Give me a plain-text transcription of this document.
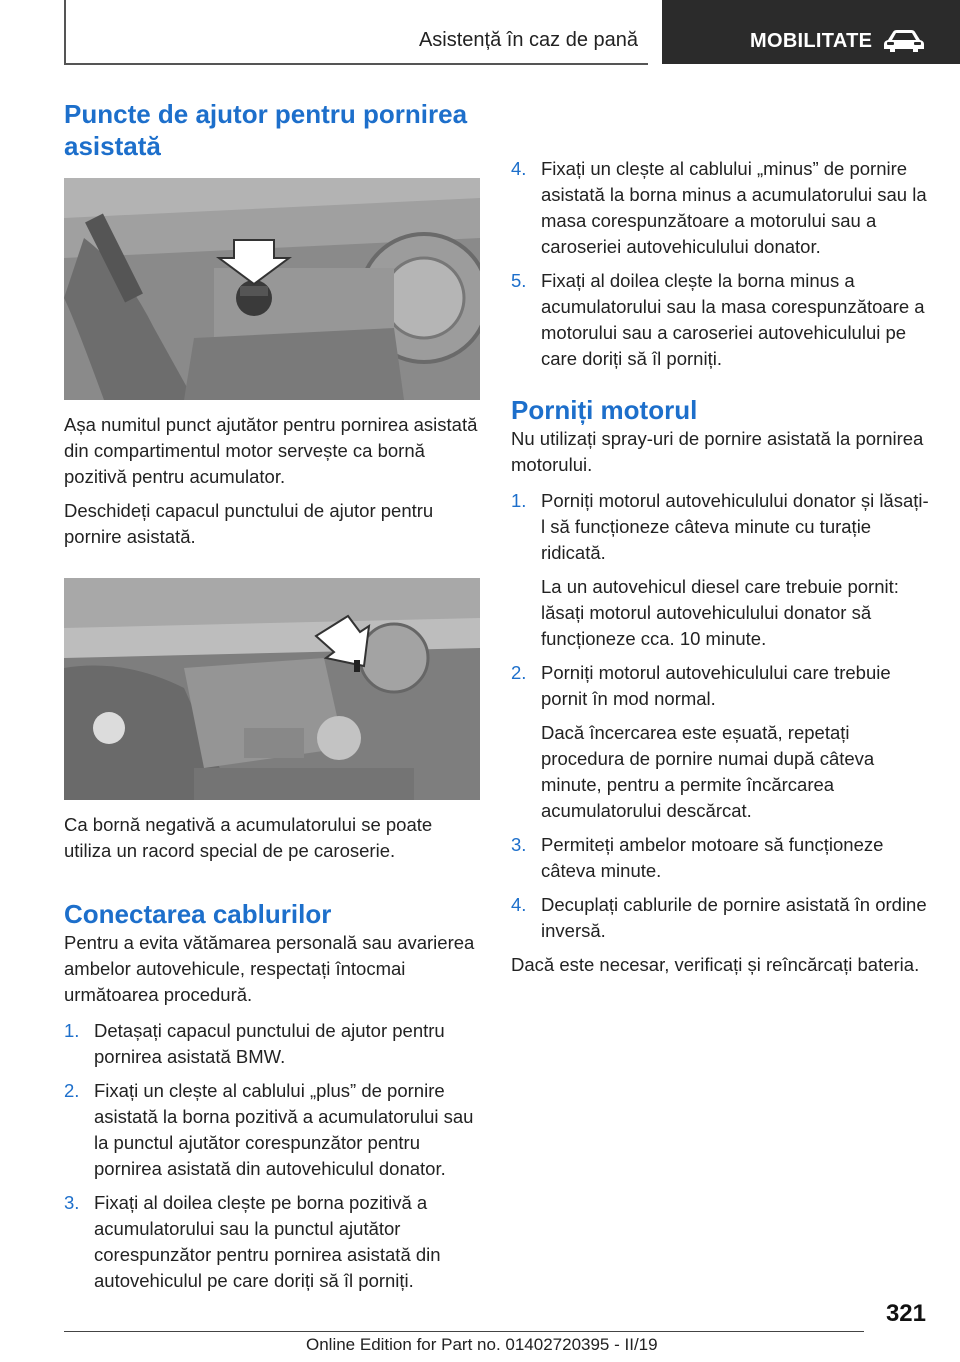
Asistență în caz de pană	MOBILITATE
Puncte de ajutor pentru pornirea asistată

Așa numitul punct ajutător pentru pornirea asistată din compartimentul motor servește ca bornă pozitivă pentru acumulator.

Deschideți capacul punctului de ajutor pentru pornire asistată.

Ca bornă negativă a acumulatorului se poate utiliza un racord special de pe caroserie.

Conectarea cablurilor

Pentru a evita vătămarea personală sau avarierea ambelor autovehicule, respectați întocmai următoarea procedură.

1. Detașați capacul punctului de ajutor pentru pornirea asistată BMW.
2. Fixați un clește al cablului „plus” de pornire asistată la borna pozitivă a acumulatorului sau la punctul ajutător corespunzător pentru pornirea asistată din autovehiculul donator.
3. Fixați al doilea clește pe borna pozitivă a acumulatorului sau la punctul ajutător corespunzător pentru pornirea asistată din autovehiculul pe care doriți să îl porniți.
4. Fixați un clește al cablului „minus” de pornire asistată la borna minus a acumulatorului sau la masa corespunzătoare a motorului sau a caroseriei autovehiculului donator.
5. Fixați al doilea clește la borna minus a acumulatorului sau la masa corespunzătoare a motorului sau a caroseriei autovehiculului pe care doriți să îl porniți.
Porniți motorul

Nu utilizați spray-uri de pornire asistată la pornirea motorului.

1. Porniți motorul autovehiculului donator și lăsați-l să funcționeze câteva minute cu turație ridicată.
La un autovehicul diesel care trebuie pornit: lăsați motorul autovehiculului donator să funcționeze cca. 10 minute.
2. Porniți motorul autovehiculului care trebuie pornit în mod normal.
Dacă încercarea este eșuată, repetați procedura de pornire numai după câteva minute, pentru a permite încărcarea acumulatorului descărcat.
3. Permiteți ambelor motoare să funcționeze câteva minute.
4. Decuplați cablurile de pornire asistată în ordine inversă.

Dacă este necesar, verificați și reîncărcați bateria.

321
Online Edition for Part no. 01402720395 - II/19
